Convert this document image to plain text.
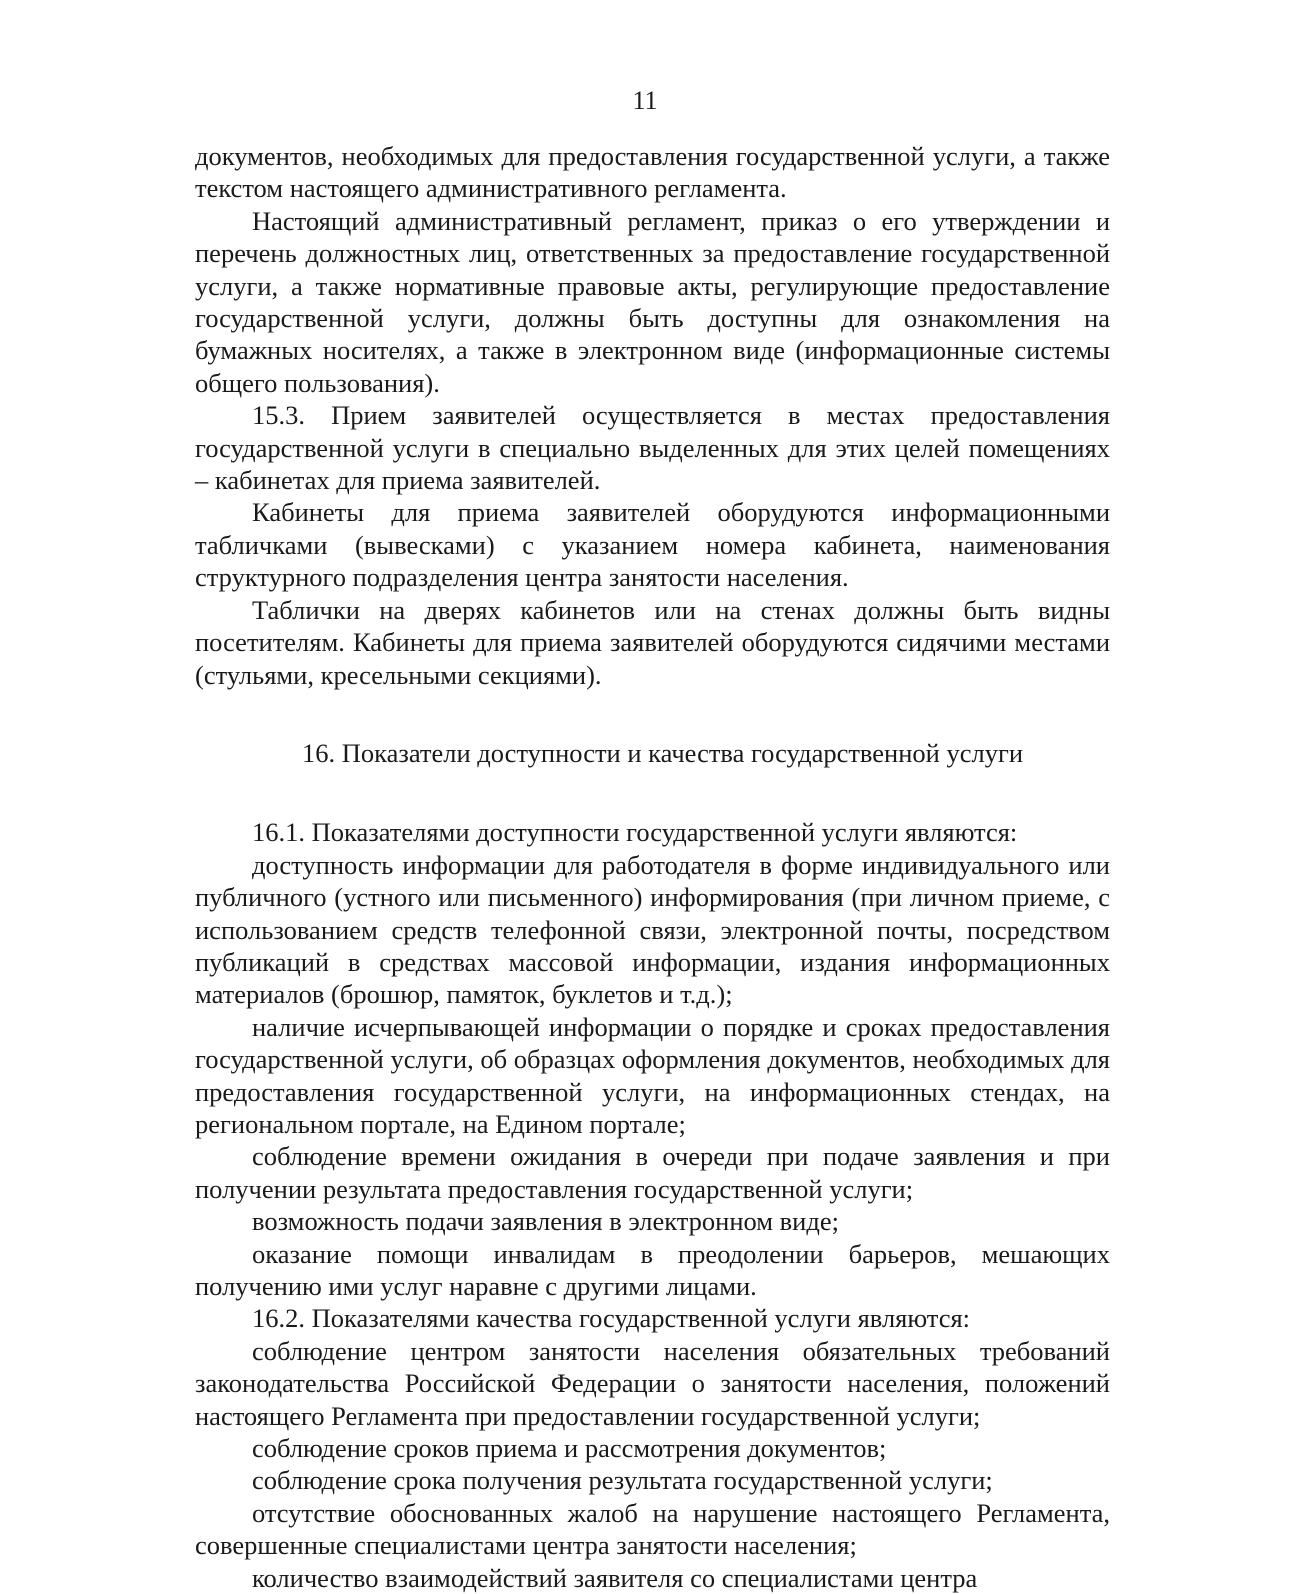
11

документов, необходимых для предоставления государственной услуги, а также текстом настоящего административного регламента.

Настоящий административный регламент, приказ о его утверждении и перечень должностных лиц, ответственных за предоставление государственной услуги, а также нормативные правовые акты, регулирующие предоставление государственной услуги, должны быть доступны для ознакомления на бумажных носителях, а также в электронном виде (информационные системы общего пользования).

15.3. Прием заявителей осуществляется в местах предоставления государственной услуги в специально выделенных для этих целей помещениях – кабинетах для приема заявителей.

Кабинеты для приема заявителей оборудуются информационными табличками (вывесками) с указанием номера кабинета, наименования структурного подразделения центра занятости населения.

Таблички на дверях кабинетов или на стенах должны быть видны посетителям. Кабинеты для приема заявителей оборудуются сидячими местами (стульями, кресельными секциями).

16. Показатели доступности и качества государственной услуги

16.1. Показателями доступности государственной услуги являются:

доступность информации для работодателя в форме индивидуального или публичного (устного или письменного) информирования (при личном приеме, с использованием средств телефонной связи, электронной почты, посредством публикаций в средствах массовой информации, издания информационных материалов (брошюр, памяток, буклетов и т.д.);

наличие исчерпывающей информации о порядке и сроках предоставления государственной услуги, об образцах оформления документов, необходимых для предоставления государственной услуги, на информационных стендах, на региональном портале, на Едином портале;

соблюдение времени ожидания в очереди при подаче заявления и при получении результата предоставления государственной услуги;

возможность подачи заявления в электронном виде;

оказание помощи инвалидам в преодолении барьеров, мешающих получению ими услуг наравне с другими лицами.

16.2. Показателями качества государственной услуги являются:

соблюдение центром занятости населения обязательных требований законодательства Российской Федерации о занятости населения, положений настоящего Регламента при предоставлении государственной услуги;

соблюдение сроков приема и рассмотрения документов;

соблюдение срока получения результата государственной услуги;

отсутствие обоснованных жалоб на нарушение настоящего Регламента, совершенные специалистами центра занятости населения;

количество взаимодействий заявителя со специалистами центра
